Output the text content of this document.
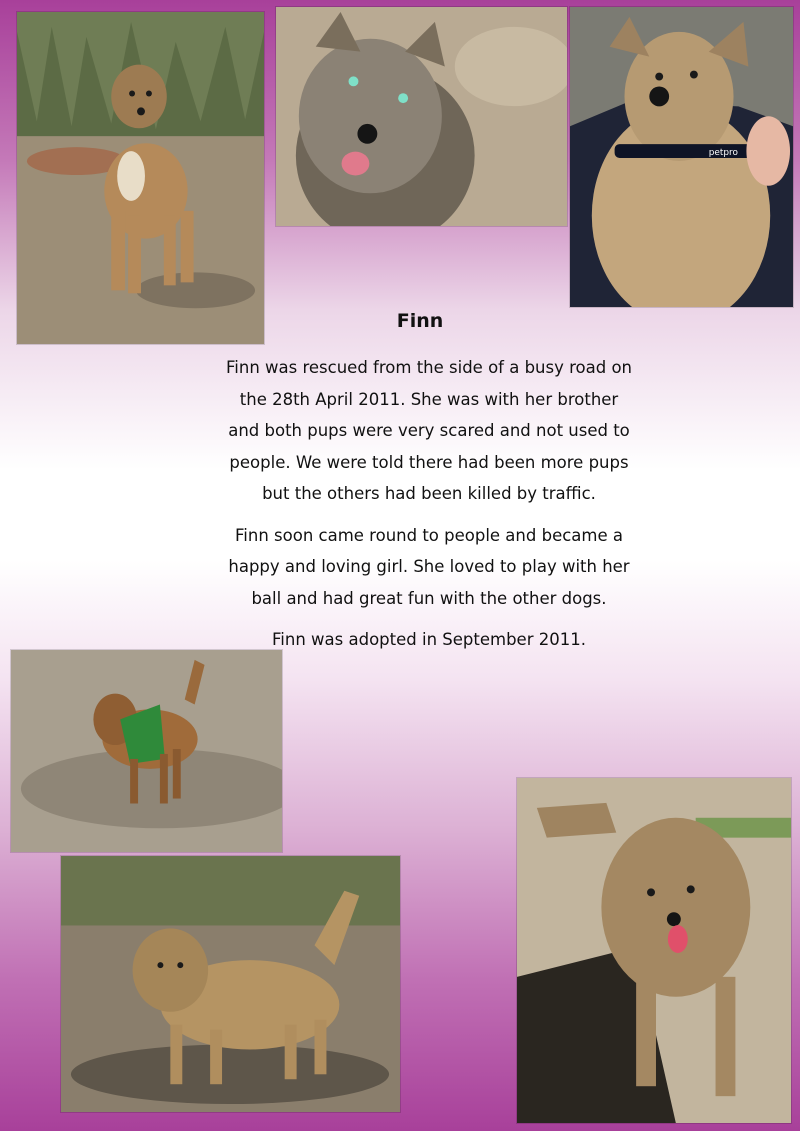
petpro
Finn

Finn was rescued from the side of a busy road on the 28th April 2011. She was with her brother and both pups were very scared and not used to people. We were told there had been more pups but the others had been killed by traffic.

Finn soon came round to people and became a happy and loving girl. She loved to play with her ball and had great fun with the other dogs.

Finn was adopted in September 2011.
